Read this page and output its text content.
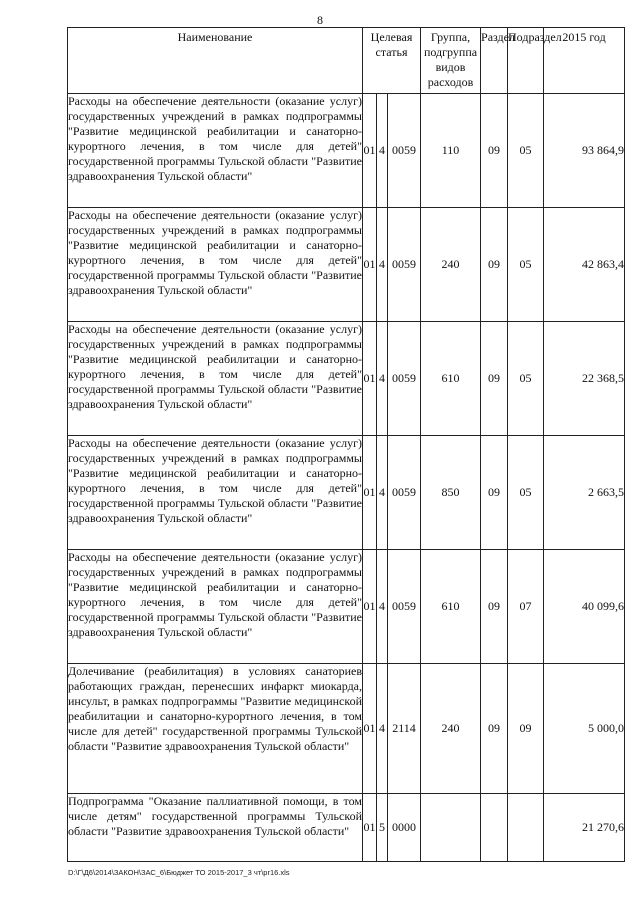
8
Наименование	Целевая статья			Группа, подгруппа видов расходов	Раздел	Подраздел	2015 год
Расходы на обеспечение деятельности (оказание услуг) государственных учреждений в рамках подпрограммы "Развитие медицинской реабилитации и санаторно-курортного лечения, в том числе для детей" государственной программы Тульской области "Развитие здравоохранения Тульской области"	01	4	0059	110	09	05	93 864,9
Расходы на обеспечение деятельности (оказание услуг) государственных учреждений в рамках подпрограммы "Развитие медицинской реабилитации и санаторно-курортного лечения, в том числе для детей" государственной программы Тульской области "Развитие здравоохранения Тульской области"	01	4	0059	240	09	05	42 863,4
Расходы на обеспечение деятельности (оказание услуг) государственных учреждений в рамках подпрограммы "Развитие медицинской реабилитации и санаторно-курортного лечения, в том числе для детей" государственной программы Тульской области "Развитие здравоохранения Тульской области"	01	4	0059	610	09	05	22 368,5
Расходы на обеспечение деятельности (оказание услуг) государственных учреждений в рамках подпрограммы "Развитие медицинской реабилитации и санаторно-курортного лечения, в том числе для детей" государственной программы Тульской области "Развитие здравоохранения Тульской области"	01	4	0059	850	09	05	2 663,5
Расходы на обеспечение деятельности (оказание услуг) государственных учреждений в рамках подпрограммы "Развитие медицинской реабилитации и санаторно-курортного лечения, в том числе для детей" государственной программы Тульской области "Развитие здравоохранения Тульской области"	01	4	0059	610	09	07	40 099,6
Долечивание (реабилитация) в условиях санаториев работающих граждан, перенесших инфаркт миокарда, инсульт, в рамках подпрограммы "Развитие медицинской реабилитации и санаторно-курортного лечения, в том числе для детей" государственной программы Тульской области "Развитие здравоохранения Тульской области"	01	4	2114	240	09	09	5 000,0
Подпрограмма "Оказание паллиативной помощи, в том числе детям" государственной программы Тульской области "Развитие здравоохранения Тульской области"	01	5	0000				21 270,6
D:\Г\Д6\2014\ЗАКОН\ЗАС_6\Бюджет ТО 2015-2017_3 чт\pr16.xls
